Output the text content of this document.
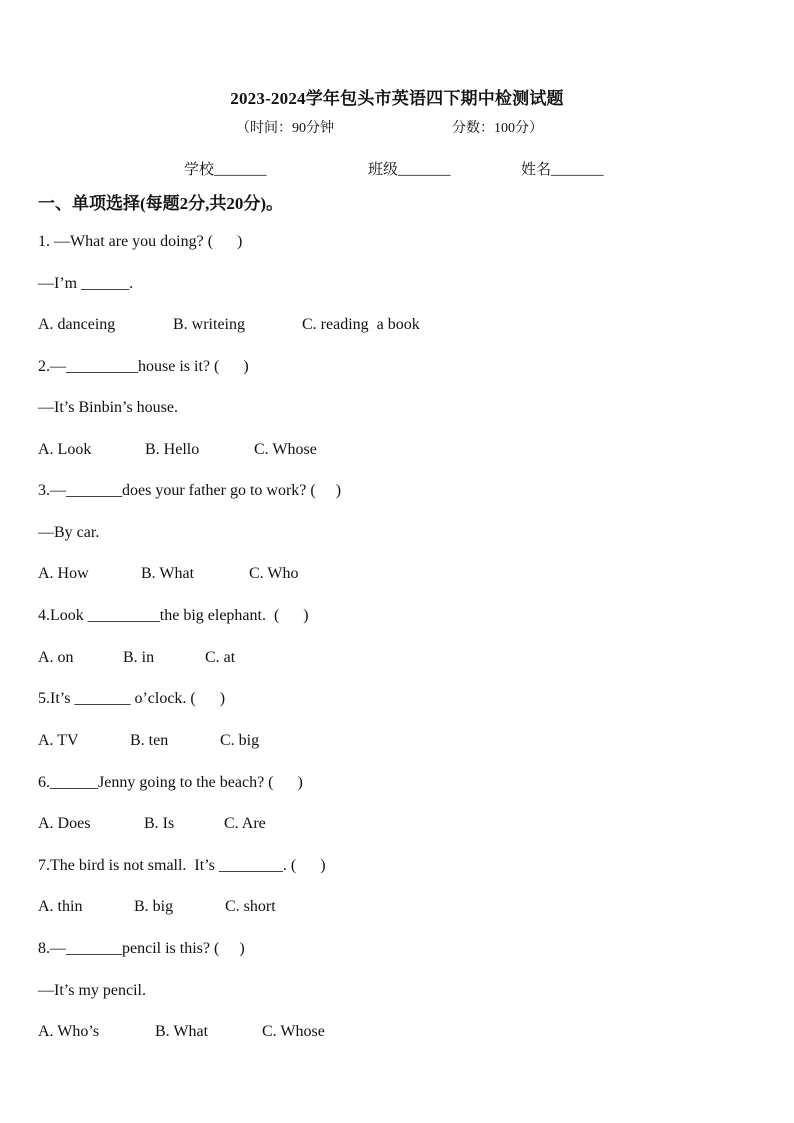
2023-2024学年包头市英语四下期中检测试题
（时间：90分钟	分数：100分）
学校_______	班级_______	姓名_______
一、单项选择(每题2分,共20分)。
1. —What are you doing? (      )
—I’m ______.
A. danceing	B. writeing	C. reading  a book
2.—_________house is it? (      )
—It’s Binbin’s house.
A. Look	B. Hello	C. Whose
3.—_______does your father go to work? (     )
—By car.
A. How	B. What	C. Who
4.Look _________the big elephant.  (      )
A. on	B. in	C. at
5.It’s _______ o’clock. (      )
A. TV	B. ten	C. big
6.______Jenny going to the beach? (      )
A. Does	B. Is	C. Are
7.The bird is not small.  It’s ________. (      )
A. thin	B. big	C. short
8.—_______pencil is this? (     )
—It’s my pencil.
A. Who’s	B. What	C. Whose
